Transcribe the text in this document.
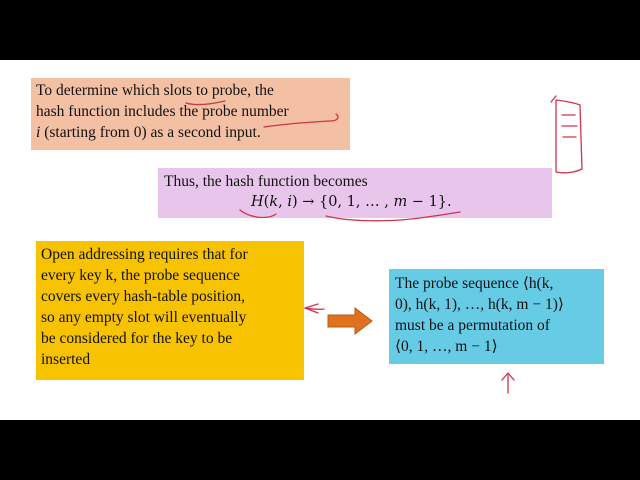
To determine which slots to probe, the
hash function includes the probe number
i (starting from 0) as a second input.
Thus, the hash function becomes
H(k, i) → {0, 1, … , m − 1}.
Open addressing requires that for
every key k, the probe sequence
covers every hash-table position,
so any empty slot will eventually
be considered for the key to be
inserted
The probe sequence ⟨h(k,
0), h(k, 1), …, h(k, m − 1)⟩
must be a permutation of
⟨0, 1, …, m − 1⟩
